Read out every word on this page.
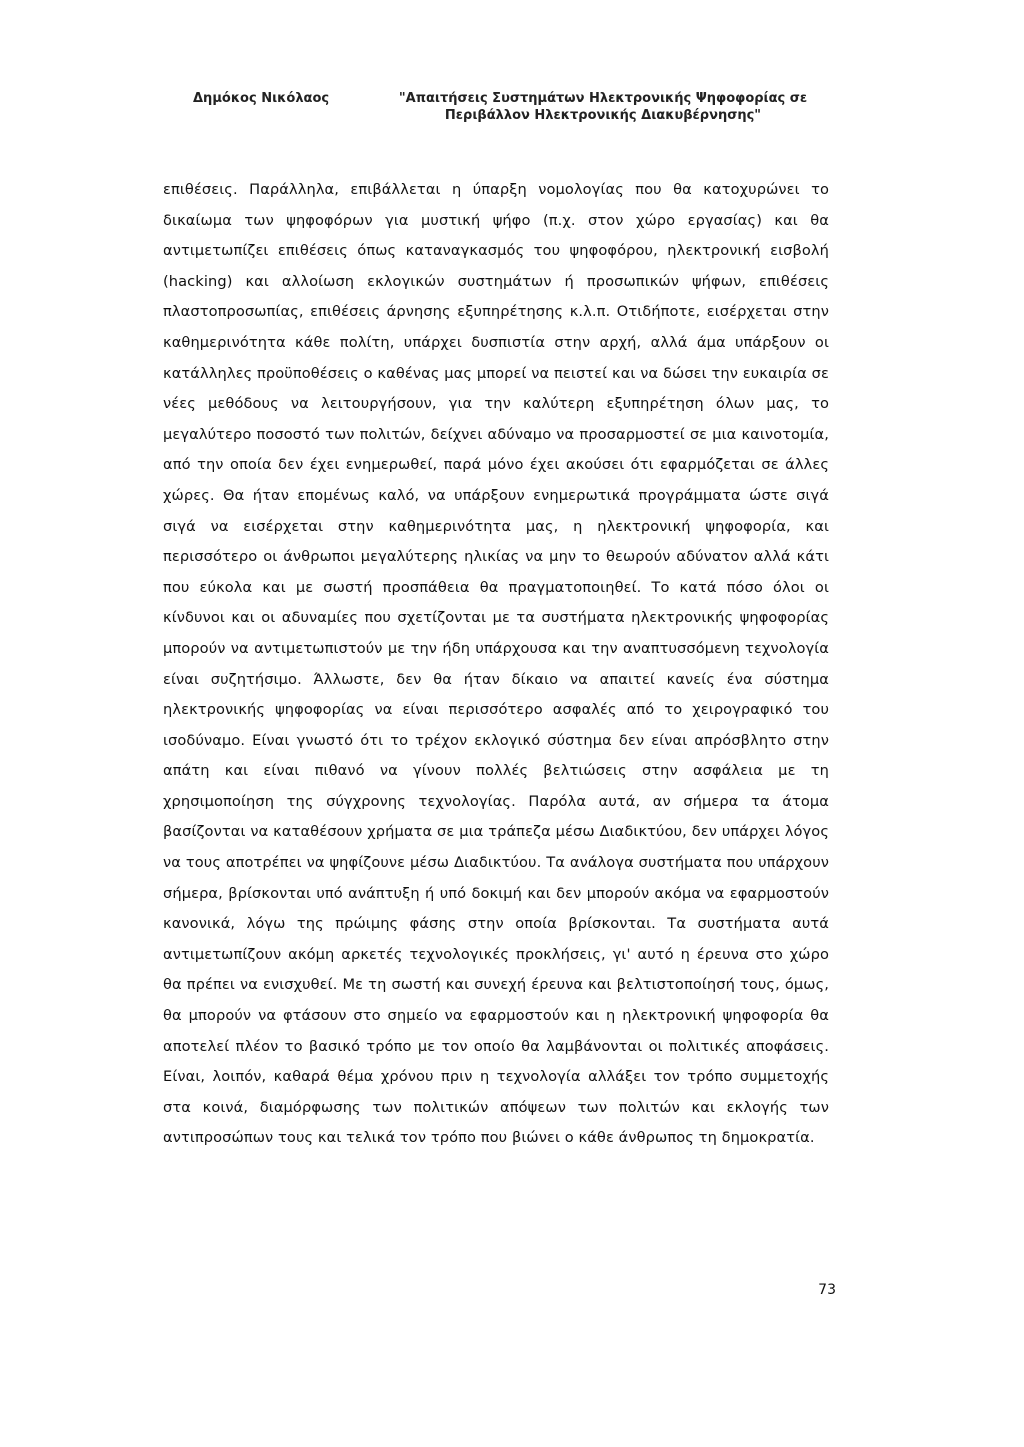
Δημόκος Νικόλαος	"Απαιτήσεις Συστημάτων Ηλεκτρονικής Ψηφοφορίας σε Περιβάλλον Ηλεκτρονικής Διακυβέρνησης"

επιθέσεις. Παράλληλα, επιβάλλεται η ύπαρξη νομολογίας που θα κατοχυρώνει το δικαίωμα των ψηφοφόρων για μυστική ψήφο (π.χ. στον χώρο εργασίας) και θα αντιμετωπίζει επιθέσεις όπως καταναγκασμός του ψηφοφόρου, ηλεκτρονική εισβολή (hacking) και αλλοίωση εκλογικών συστημάτων ή προσωπικών ψήφων, επιθέσεις πλαστοπροσωπίας, επιθέσεις άρνησης εξυπηρέτησης κ.λ.π. Οτιδήποτε, εισέρχεται στην καθημερινότητα κάθε πολίτη, υπάρχει δυσπιστία στην αρχή, αλλά άμα υπάρξουν οι κατάλληλες προϋποθέσεις ο καθένας μας μπορεί να πειστεί και να δώσει την ευκαιρία σε νέες μεθόδους να λειτουργήσουν, για την καλύτερη εξυπηρέτηση όλων μας, το μεγαλύτερο ποσοστό των πολιτών, δείχνει αδύναμο να προσαρμοστεί σε μια καινοτομία, από την οποία δεν έχει ενημερωθεί, παρά μόνο έχει ακούσει ότι εφαρμόζεται σε άλλες χώρες. Θα ήταν επομένως καλό, να υπάρξουν ενημερωτικά προγράμματα ώστε σιγά σιγά να εισέρχεται στην καθημερινότητα μας, η ηλεκτρονική ψηφοφορία, και περισσότερο οι άνθρωποι μεγαλύτερης ηλικίας να μην το θεωρούν αδύνατον αλλά κάτι που εύκολα και με σωστή προσπάθεια θα πραγματοποιηθεί. Το κατά πόσο όλοι οι κίνδυνοι και οι αδυναμίες που σχετίζονται με τα συστήματα ηλεκτρονικής ψηφοφορίας μπορούν να αντιμετωπιστούν με την ήδη υπάρχουσα και την αναπτυσσόμενη τεχνολογία είναι συζητήσιμο. Άλλωστε, δεν θα ήταν δίκαιο να απαιτεί κανείς ένα σύστημα ηλεκτρονικής ψηφοφορίας να είναι περισσότερο ασφαλές από το χειρογραφικό του ισοδύναμο. Είναι γνωστό ότι το τρέχον εκλογικό σύστημα δεν είναι απρόσβλητο στην απάτη και είναι πιθανό να γίνουν πολλές βελτιώσεις στην ασφάλεια με τη χρησιμοποίηση της σύγχρονης τεχνολογίας. Παρόλα αυτά, αν σήμερα τα άτομα βασίζονται να καταθέσουν χρήματα σε μια τράπεζα μέσω Διαδικτύου, δεν υπάρχει λόγος να τους αποτρέπει να ψηφίζουνε μέσω Διαδικτύου. Τα ανάλογα συστήματα που υπάρχουν σήμερα, βρίσκονται υπό ανάπτυξη ή υπό δοκιμή και δεν μπορούν ακόμα να εφαρμοστούν κανονικά, λόγω της πρώιμης φάσης στην οποία βρίσκονται. Τα συστήματα αυτά αντιμετωπίζουν ακόμη αρκετές τεχνολογικές προκλήσεις, γι' αυτό η έρευνα στο χώρο θα πρέπει να ενισχυθεί. Με τη σωστή και συνεχή έρευνα και βελτιστοποίησή τους, όμως, θα μπορούν να φτάσουν στο σημείο να εφαρμοστούν και η ηλεκτρονική ψηφοφορία θα αποτελεί πλέον το βασικό τρόπο με τον οποίο θα λαμβάνονται οι πολιτικές αποφάσεις. Είναι, λοιπόν, καθαρά θέμα χρόνου πριν η τεχνολογία αλλάξει τον τρόπο συμμετοχής στα κοινά, διαμόρφωσης των πολιτικών απόψεων των πολιτών και εκλογής των αντιπροσώπων τους και τελικά τον τρόπο που βιώνει ο κάθε άνθρωπος τη δημοκρατία.

73
